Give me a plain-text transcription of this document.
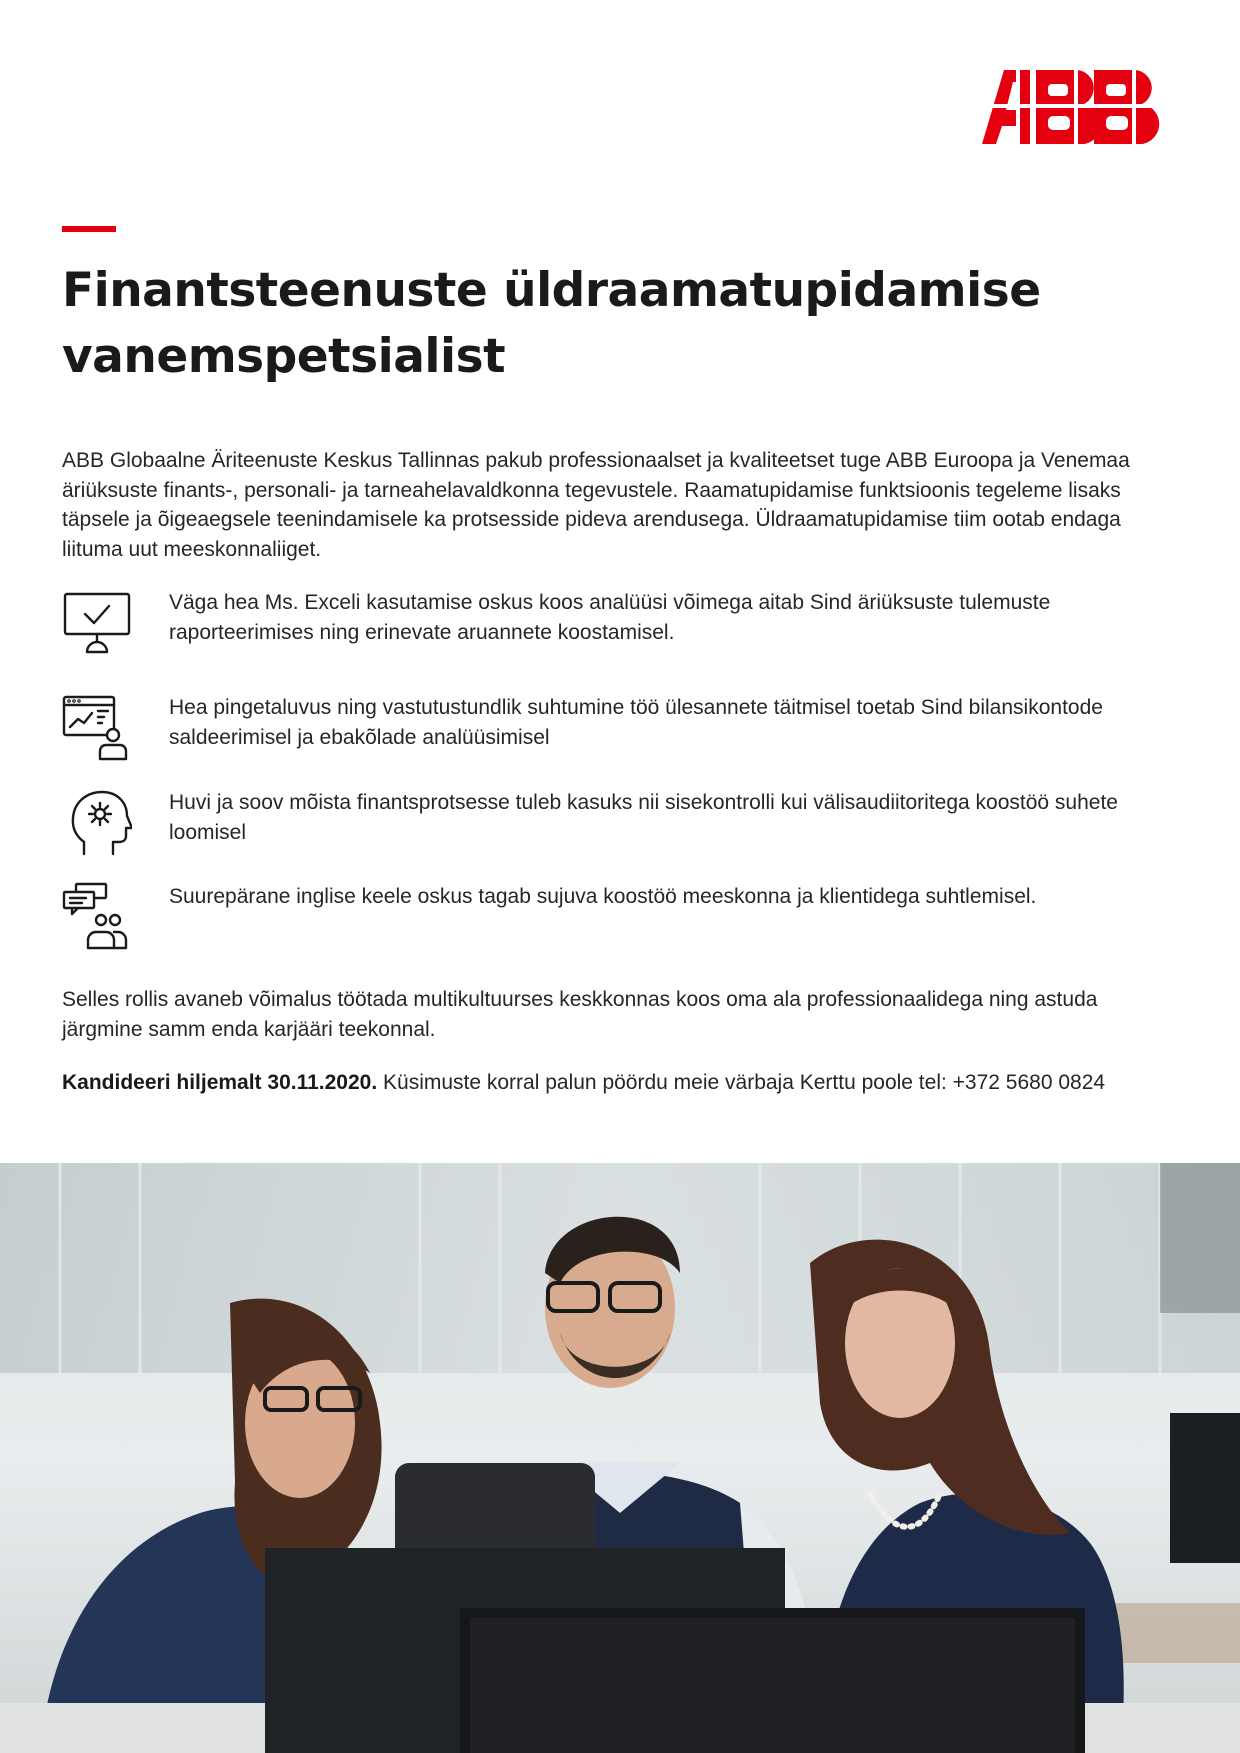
Finantsteenuste üldraamatupidamise
vanemspetsialist

ABB Globaalne Äriteenuste Keskus Tallinnas pakub professionaalset ja kvaliteetset tuge ABB Euroopa ja Venemaa äriüksuste finants-, personali- ja tarneahelavaldkonna tegevustele. Raamatupidamise funktsioonis tegeleme lisaks täpsele ja õigeaegsele teenindamisele ka protsesside pideva arendusega. Üldraamatupidamise tiim ootab endaga liituma uut meeskonnaliiget.

Väga hea Ms. Exceli kasutamise oskus koos analüüsi võimega aitab Sind äriüksuste tulemuste raporteerimises ning erinevate aruannete koostamisel.

Hea pingetaluvus ning vastutustundlik suhtumine töö ülesannete täitmisel toetab Sind bilansikontode saldeerimisel ja ebakõlade analüüsimisel

Huvi ja soov mõista finantsprotsesse tuleb kasuks nii sisekontrolli kui välisaudiitoritega koostöö suhete loomisel

Suurepärane inglise keele oskus tagab sujuva koostöö meeskonna ja klientidega suhtlemisel.

Selles rollis avaneb võimalus töötada multikultuurses keskkonnas koos oma ala professionaalidega ning astuda järgmine samm enda karjääri teekonnal.

Kandideeri hiljemalt 30.11.2020. Küsimuste korral palun pöördu meie värbaja Kerttu poole tel: +372 5680 0824
